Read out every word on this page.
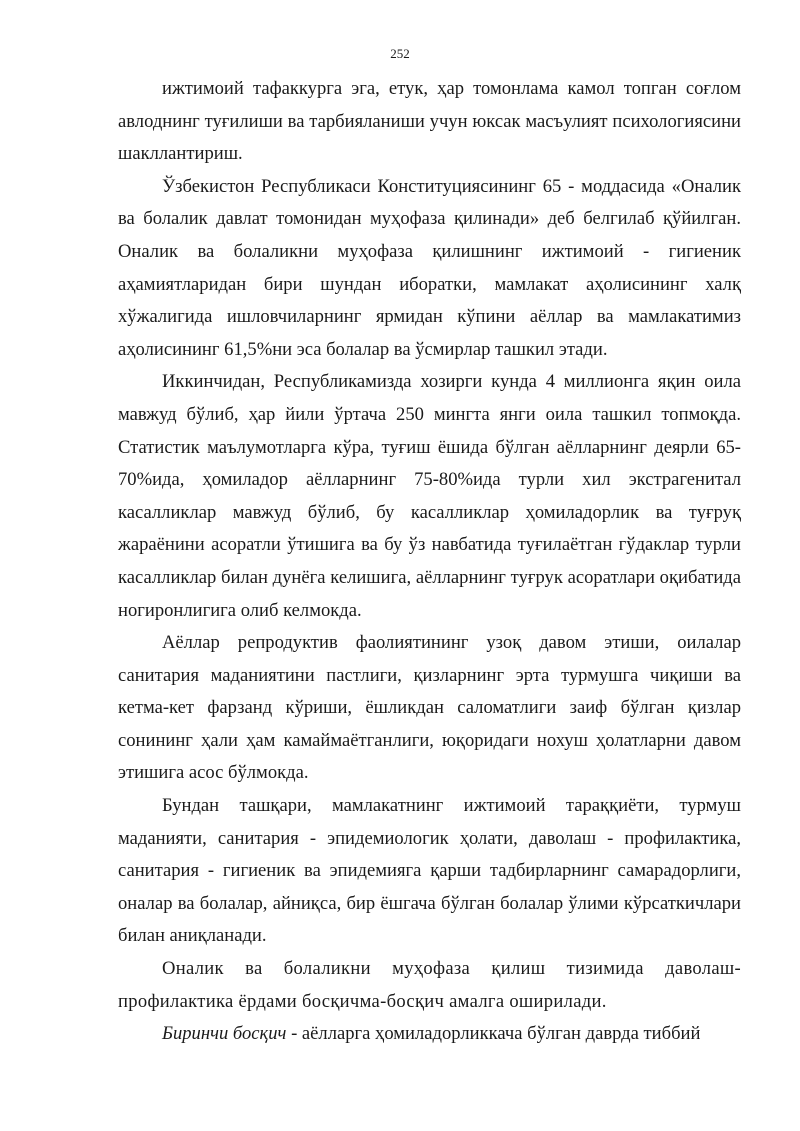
252

ижтимоий тафаккурга эга, етук, ҳар томонлама камол топган соғлом авлоднинг туғилиши ва тарбияланиши учун юксак масъулият психологиясини шакллантириш.

Ўзбекистон Республикаси Конституциясининг 65 - моддасида «Оналик ва болалик давлат томонидан муҳофаза қилинади» деб белгилаб қўйилган. Оналик ва болаликни муҳофаза қилишнинг ижтимоий - гигиеник аҳамиятларидан бири шундан иборатки, мамлакат аҳолисининг халқ хўжалигида ишловчиларнинг ярмидан кўпини аёллар ва мамлакатимиз аҳолисининг 61,5%ни эса болалар ва ўсмирлар ташкил этади.

Иккинчидан, Республикамизда хозирги кунда 4 миллионга яқин оила мавжуд бўлиб, ҳар йили ўртача 250 мингта янги оила ташкил топмоқда. Статистик маълумотларга кўра, туғиш ёшида бўлган аёлларнинг деярли 65-70%ида, ҳомиладор аёлларнинг 75-80%ида турли хил экстрагенитал касалликлар мавжуд бўлиб, бу касалликлар ҳомиладорлик ва туғруқ жараёнини асоратли ўтишига ва бу ўз навбатида туғилаётган гўдаклар турли касалликлар билан дунёга келишига, аёлларнинг туғрук асоратлари оқибатида ногиронлигига олиб келмокда.

Аёллар репродуктив фаолиятининг узоқ давом этиши, оилалар санитария маданиятини пастлиги, қизларнинг эрта турмушга чиқиши ва кетма-кет фарзанд кўриши, ёшликдан саломатлиги заиф бўлган қизлар сонининг ҳали ҳам камаймаётганлиги, юқоридаги нохуш ҳолатларни давом этишига асос бўлмокда.

Бундан ташқари, мамлакатнинг ижтимоий тараққиёти, турмуш маданияти, санитария - эпидемиологик ҳолати, даволаш - профилактика, санитария - гигиеник ва эпидемияга қарши тадбирларнинг самарадорлиги, оналар ва болалар, айниқса, бир ёшгача бўлган болалар ўлими кўрсаткичлари билан аниқланади.

Оналик ва болаликни муҳофаза қилиш тизимида даволаш-профилактика ёрдами босқичма-босқич амалга оширилади.

Биринчи босқич - аёлларга ҳомиладорликкача бўлган даврда тиббий
